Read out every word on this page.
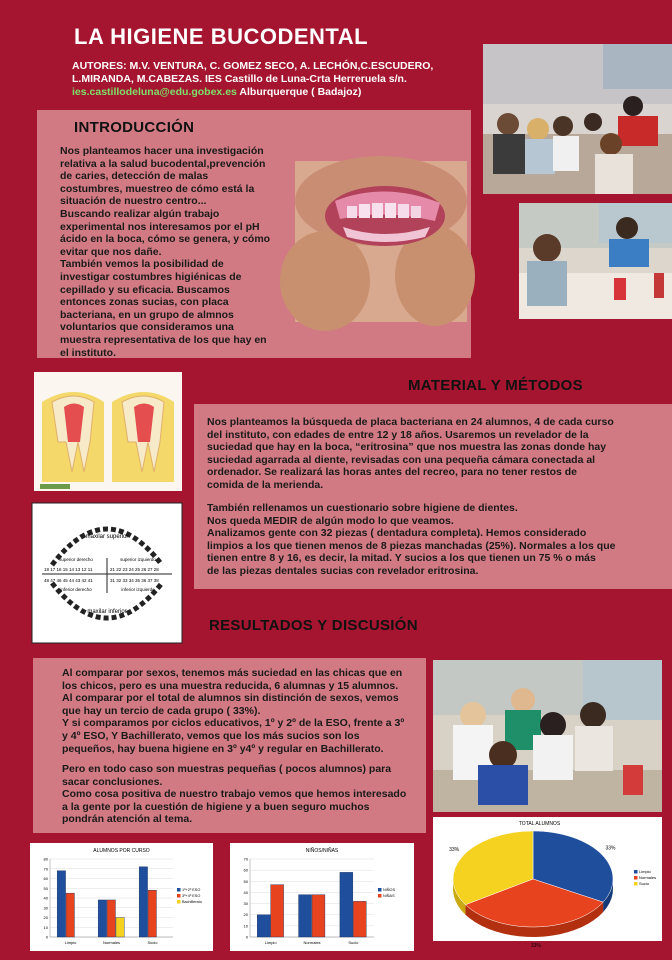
LA HIGIENE BUCODENTAL
AUTORES: M.V. VENTURA, C. GOMEZ SECO, A. LECHÓN,C.ESCUDERO,
L.MIRANDA, M.CABEZAS. IES Castillo de Luna-Crta Herreruela s/n.
ies.castillodeluna@edu.gobex.es Alburquerque ( Badajoz)
INTRODUCCIÓN

Nos planteamos hacer una investigación
relativa a la salud bucodental,prevención
de caries, detección de malas
costumbres, muestreo de cómo está la
situación de nuestro centro...
Buscando realizar algún trabajo
experimental nos interesamos por el pH
ácido en la boca, cómo se genera, y cómo
evitar que nos dañe.
También vemos la posibilidad de
investigar costumbres higiénicas de
cepillado y su eficacia. Buscamos
entonces zonas sucias, con placa
bacteriana, en un grupo de almnos
voluntarios que consideramos una
muestra representativa de los que hay en
el instituto.

maxilar superior
maxilar inferior
superior derecho	superior izquierdo
inferior derecho	inferior izquierdo
18 17 16 15 14 13 12 11	21 22 23 24 25 26 27 28
48 47 46 45 44 43 42 41	31 32 33 34 35 36 37 38
MATERIAL Y MÉTODOS

Nos planteamos la búsqueda de placa bacteriana en 24 alumnos, 4 de cada curso
del instituto, con edades de entre 12 y 18 años. Usaremos un revelador de la
suciedad que hay en la boca, “eritrosina” que nos muestra las zonas donde hay
suciedad agarrada al diente, revisadas con una pequeña cámara conectada al
ordenador. Se realizará las horas antes del recreo, para no tener restos de
comida de la merienda.

También rellenamos un cuestionario sobre higiene de dientes.
Nos queda MEDIR de algún modo lo que veamos.
Analizamos gente con 32 piezas ( dentadura completa). Hemos considerado
limpios a los que tienen menos de 8 piezas manchadas (25%). Normales a los que
tienen entre 8 y 16, es decir, la mitad. Y sucios a los que tienen un 75 % o más
de las piezas dentales sucias con revelador eritrosina.

RESULTADOS Y DISCUSIÓN

Al comparar por sexos, tenemos más suciedad en las chicas que en
los chicos, pero es una muestra reducida, 6 alumnas y 15 alumnos.
Al comparar por el total de alumnos sin distinción de sexos, vemos
que hay un tercio de cada grupo ( 33%).
Y si comparamos por ciclos educativos, 1º y 2º de la ESO, frente a 3º
y 4º ESO, Y Bachillerato, vemos que los más sucios son los
pequeños, hay buena higiene en 3º y4º y regular en Bachillerato.

Pero en todo caso son muestras pequeñas ( pocos alumnos) para
sacar conclusiones.
Como cosa positiva de nuestro trabajo vemos que hemos interesado
a la gente por la cuestión de higiene y a buen seguro muchos
pondrán atención al tema.

ALUMNOS POR CURSO
0
10
20
30
40
50
60
70
80
Limpio	Normales	Sucio
1º+2º ESO
3º+4º ESO
Bachillerato
NIÑOS/NIÑAS
0
10
20
30
40
50
60
70
Limpio	Normales	Sucio
NIÑOS
NIÑAS
TOTAL ALUMNOS
33%
33%
33%
Limpio
Normales
Sucio
